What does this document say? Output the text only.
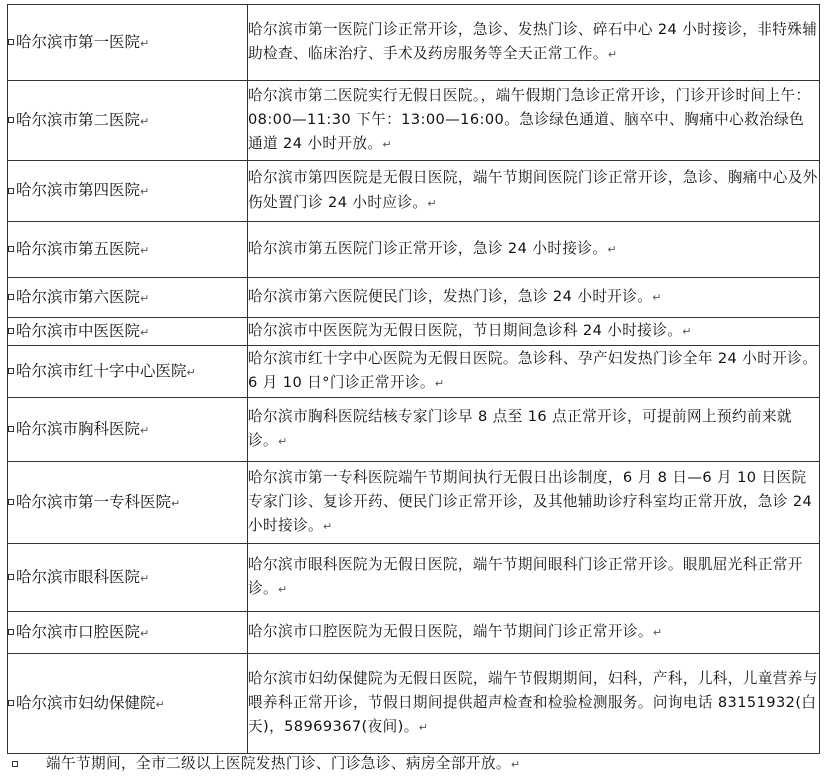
哈尔滨市第一医院↵	哈尔滨市第一医院门诊正常开诊，急诊、发热门诊、碎石中心 24 小时接诊，非特殊辅助检查、临床治疗、手术及药房服务等全天正常工作。↵
哈尔滨市第二医院↵	哈尔滨市第二医院实行无假日医院。，端午假期门急诊正常开诊，门诊开诊时间上午：08:00—11:30 下午：13:00—16:00。急诊绿色通道、脑卒中、胸痛中心救治绿色通道 24 小时开放。↵
哈尔滨市第四医院↵	哈尔滨市第四医院是无假日医院，端午节期间医院门诊正常开诊，急诊、胸痛中心及外伤处置门诊 24 小时应诊。↵
哈尔滨市第五医院↵	哈尔滨市第五医院门诊正常开诊，急诊 24 小时接诊。↵
哈尔滨市第六医院↵	哈尔滨市第六医院便民门诊，发热门诊，急诊 24 小时开诊。↵
哈尔滨市中医医院↵	哈尔滨市中医医院为无假日医院，节日期间急诊科 24 小时接诊。↵
哈尔滨市红十字中心医院↵	哈尔滨市红十字中心医院为无假日医院。急诊科、孕产妇发热门诊全年 24 小时开诊。6 月 10 日°门诊正常开诊。↵
哈尔滨市胸科医院↵	哈尔滨市胸科医院结核专家门诊早 8 点至 16 点正常开诊，可提前网上预约前来就诊。↵
哈尔滨市第一专科医院↵	哈尔滨市第一专科医院端午节期间执行无假日出诊制度，6 月 8 日—6 月 10 日医院专家门诊、复诊开药、便民门诊正常开诊，及其他辅助诊疗科室均正常开放，急诊 24 小时接诊。↵
哈尔滨市眼科医院↵	哈尔滨市眼科医院为无假日医院，端午节期间眼科门诊正常开诊。眼肌屈光科正常开诊。↵
哈尔滨市口腔医院↵	哈尔滨市口腔医院为无假日医院，端午节期间门诊正常开诊。↵
哈尔滨市妇幼保健院↵	哈尔滨市妇幼保健院为无假日医院，端午节假期期间，妇科，产科，儿科，儿童营养与喂养科正常开诊，节假日期间提供超声检查和检验检测服务。问询电话 83151932(白天)，58969367(夜间)。↵
端午节期间，全市二级以上医院发热门诊、门诊急诊、病房全部开放。↵
